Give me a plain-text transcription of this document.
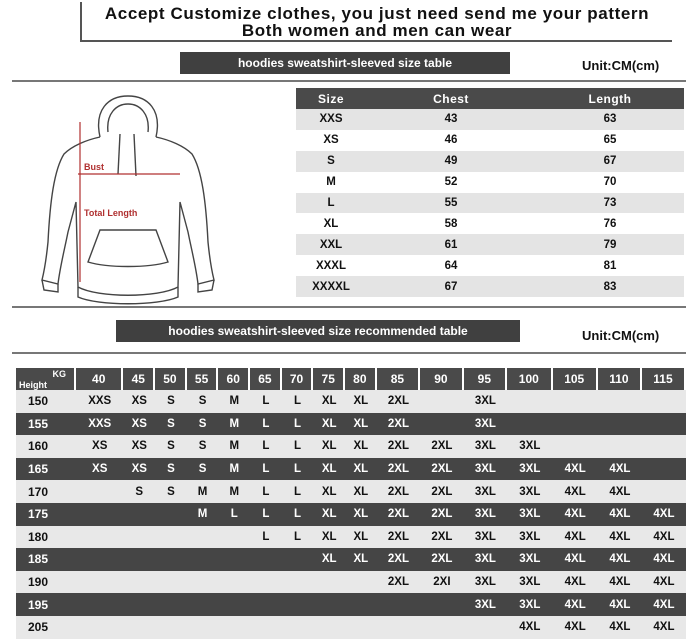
Accept Customize clothes, you just need send me your pattern
Both women and men can wear
hoodies sweatshirt-sleeved size table	Unit:CM(cm)
Bust
Total Length
Size	Chest	Length
XXS	43	63
XS	46	65
S	49	67
M	52	70
L	55	73
XL	58	76
XXL	61	79
XXXL	64	81
XXXXL	67	83
hoodies sweatshirt-sleeved size recommended table	Unit:CM(cm)
KG
Height	40	45	50	55	60	65	70	75	80	85	90	95	100	105	110	115
150	XXS	XS	S	S	M	L	L	XL	XL	2XL		3XL				
155	XXS	XS	S	S	M	L	L	XL	XL	2XL		3XL				
160	XS	XS	S	S	M	L	L	XL	XL	2XL	2XL	3XL	3XL			
165	XS	XS	S	S	M	L	L	XL	XL	2XL	2XL	3XL	3XL	4XL	4XL	
170		S	S	M	M	L	L	XL	XL	2XL	2XL	3XL	3XL	4XL	4XL	
175				M	L	L	L	XL	XL	2XL	2XL	3XL	3XL	4XL	4XL	4XL
180						L	L	XL	XL	2XL	2XL	3XL	3XL	4XL	4XL	4XL
185								XL	XL	2XL	2XL	3XL	3XL	4XL	4XL	4XL
190										2XL	2XI	3XL	3XL	4XL	4XL	4XL
195												3XL	3XL	4XL	4XL	4XL
205													4XL	4XL	4XL	4XL
